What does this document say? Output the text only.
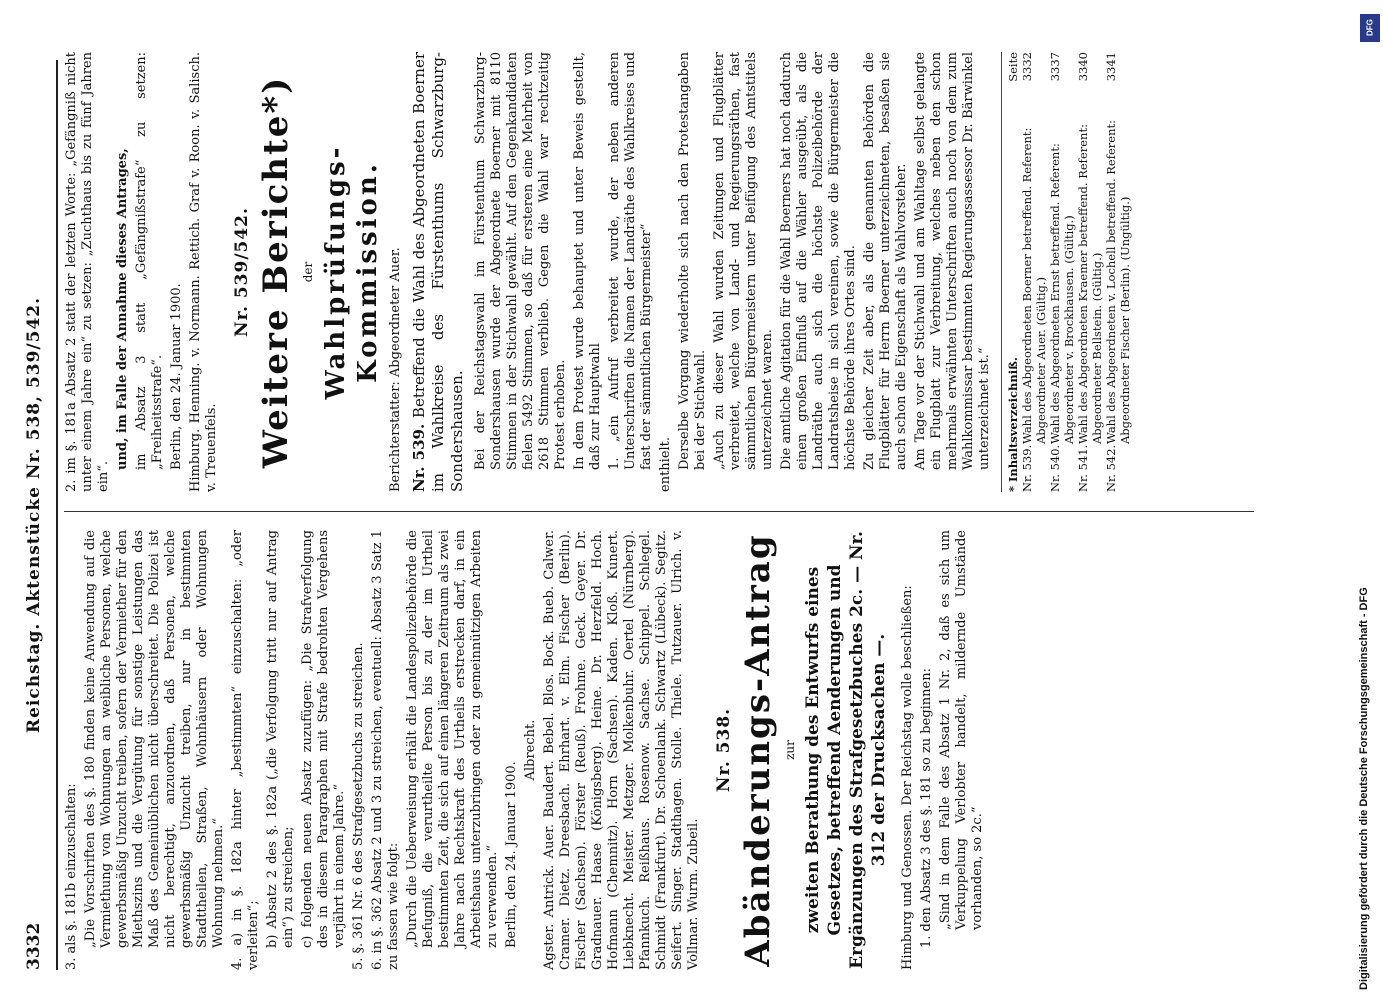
3332
Reichstag. Aktenstücke Nr. 538, 539/542.

3. als §. 181b einzuschalten: „Die Vorschriften des §. 180 finden keine Anwendung auf die Vermiethung von Wohnungen an weibliche Personen, welche gewerbsmäßig Unzucht treiben, sofern der Vermiether für den Miethszins und die Vergütung für sonstige Leistungen das Maß des Gemeinüblichen nicht überschreitet. Die Polizei ist nicht berechtigt, anzuordnen, daß Personen, welche gewerbsmäßig Unzucht treiben, nur in bestimmten Stadttheilen, Straßen, Wohnhäusern oder Wohnungen Wohnung nehmen.“ 4. a) in §. 182a hinter „bestimmten“ einzuschalten: „oder verleiten“; b) Absatz 2 des §. 182a („die Verfolgung tritt nur auf Antrag ein“) zu streichen; c) folgenden neuen Absatz zuzufügen: „Die Strafverfolgung des in diesem Paragraphen mit Strafe bedrohten Vergehens verjährt in einem Jahre.“ 5. §. 361 Nr. 6 des Strafgesetzbuchs zu streichen. 6. in §. 362 Absatz 2 und 3 zu streichen, eventuell: Absatz 3 Satz 1 zu fassen wie folgt: „Durch die Ueberweisung erhält die Landespolizeibehörde die Befugniß, die verurtheilte Person bis zu der im Urtheil bestimmten Zeit, die sich auf einen längeren Zeitraum als zwei Jahre nach Rechtskraft des Urtheils erstrecken darf, in ein Arbeitshaus unterzubringen oder zu gemeinnützigen Arbeiten zu verwenden.“ Berlin, den 24. Januar 1900.

Albrecht. Agster. Antrick. Auer. Baudert. Bebel. Blos. Bock. Bueb. Calwer. Cramer. Dietz. Dreesbach. Ehrhart. v. Elm. Fischer (Berlin). Fischer (Sachsen). Förster (Reuß). Frohme. Geck. Geyer. Dr. Gradnauer. Haase (Königsberg). Heine. Dr. Herzfeld. Hoch. Hofmann (Chemnitz). Horn (Sachsen). Kaden. Kloß. Kunert. Liebknecht. Meister. Metzger. Molkenbuhr. Oertel (Nürnberg). Pfannkuch. Reißhaus. Rosenow. Sachse. Schippel. Schlegel. Schmidt (Frankfurt). Dr. Schoenlank. Schwartz (Lübeck). Segitz. Seifert. Singer. Stadthagen. Stolle. Thiele. Tutzauer. Ulrich. v. Vollmar. Wurm. Zubeil.

Nr. 538. Abänderungs-Antrag zur zweiten Berathung des Entwurfs eines Gesetzes, betreffend Aenderungen und Ergänzungen des Strafgesetzbuches 2c. — Nr. 312 der Drucksachen —. Himburg und Genossen. Der Reichstag wolle beschließen: 1. den Absatz 3 des §. 181 so zu beginnen: „Sind in dem Falle des Absatz 1 Nr. 2, daß es sich um Verkuppelung Verlobter handelt, mildernde Umstände vorhanden, so 2c.“

2. im §. 181a Absatz 2 statt der letzten Worte: „Gefängniß nicht unter einem Jahre ein“ zu setzen: „Zuchthaus bis zu fünf Jahren ein“.

und, im Falle der Annahme dieses Antrages, im Absatz 3 statt „Gefängnißstrafe“ zu setzen: „Freiheitsstrafe“. Berlin, den 24. Januar 1900. Himburg. Henning. v. Normann. Rettich. Graf v. Roon. v. Salisch. v. Treuenfels.

Nr. 539/542. Weitere Berichte*) der Wahlprüfungs-Kommission. Berichterstatter: Abgeordneter Auer. Nr. 539. Betreffend die Wahl des Abgeordneten Boerner im Wahlkreise des Fürstenthums Schwarzburg-Sondershausen. Bei der Reichstagswahl im Fürstenthum Schwarzburg-Sondershausen wurde der Abgeordnete Boerner mit 8110 Stimmen in der Stichwahl gewählt. Auf den Gegenkandidaten fielen 5492 Stimmen, so daß für ersteren eine Mehrheit von 2618 Stimmen verblieb. Gegen die Wahl war rechtzeitig Protest erhoben. In dem Protest wurde behauptet und unter Beweis gestellt, daß zur Hauptwahl 1. „ein Aufruf verbreitet wurde, der neben anderen Unterschriften die Namen der Landräthe des Wahlkreises und fast der sämmtlichen Bürgermeister“ enthielt. Derselbe Vorgang wiederholte sich nach den Protestangaben bei der Stichwahl. „Auch zu dieser Wahl wurden Zeitungen und Flugblätter verbreitet, welche von Land- und Regierungsräthen, fast sämmtlichen Bürgermeistern unter Beifügung des Amtstitels unterzeichnet waren. Die amtliche Agitation für die Wahl Boerners hat noch dadurch einen großen Einfluß auf die Wähler ausgeübt, als die Landräthe auch sich die höchste Polizeibehörde der Landratsheise in sich vereinen, sowie die Bürgermeister die höchste Behörde ihres Ortes sind. Zu gleicher Zeit aber, als die genannten Behörden die Flugblätter für Herrn Boerner unterzeichneten, besaßen sie auch schon die Eigenschaft als Wahlvorsteher. Am Tage vor der Stichwahl und am Wahltage selbst gelangte ein Flugblatt zur Verbreitung, welches neben den schon mehrmals erwähnten Unterschriften auch noch von dem zum Wahlkommissar bestimmten Regierungsassessor Dr. Bärwinkel unterzeichnet ist.“ * Inhaltsverzeichniß.
Seite
Nr. 539.
Wahl des Abgeordneten Boerner betreffend. Referent: Abgeordneter Auer. (Gültig.)
3332
Nr. 540.
Wahl des Abgeordneten Ernst betreffend. Referent: Abgeordneter v. Brockhausen. (Gültig.)
3337
Nr. 541.
Wahl des Abgeordneten Kraemer betreffend. Referent: Abgeordneter Bellstein. (Gültig.)
3340
Nr. 542.
Wahl des Abgeordneten v. Lochell betreffend. Referent: Abgeordneter Fischer (Berlin). (Ungültig.)
3341
Digitalisierung gefördert durch die Deutsche Forschungsgemeinschaft - DFG
DFG
